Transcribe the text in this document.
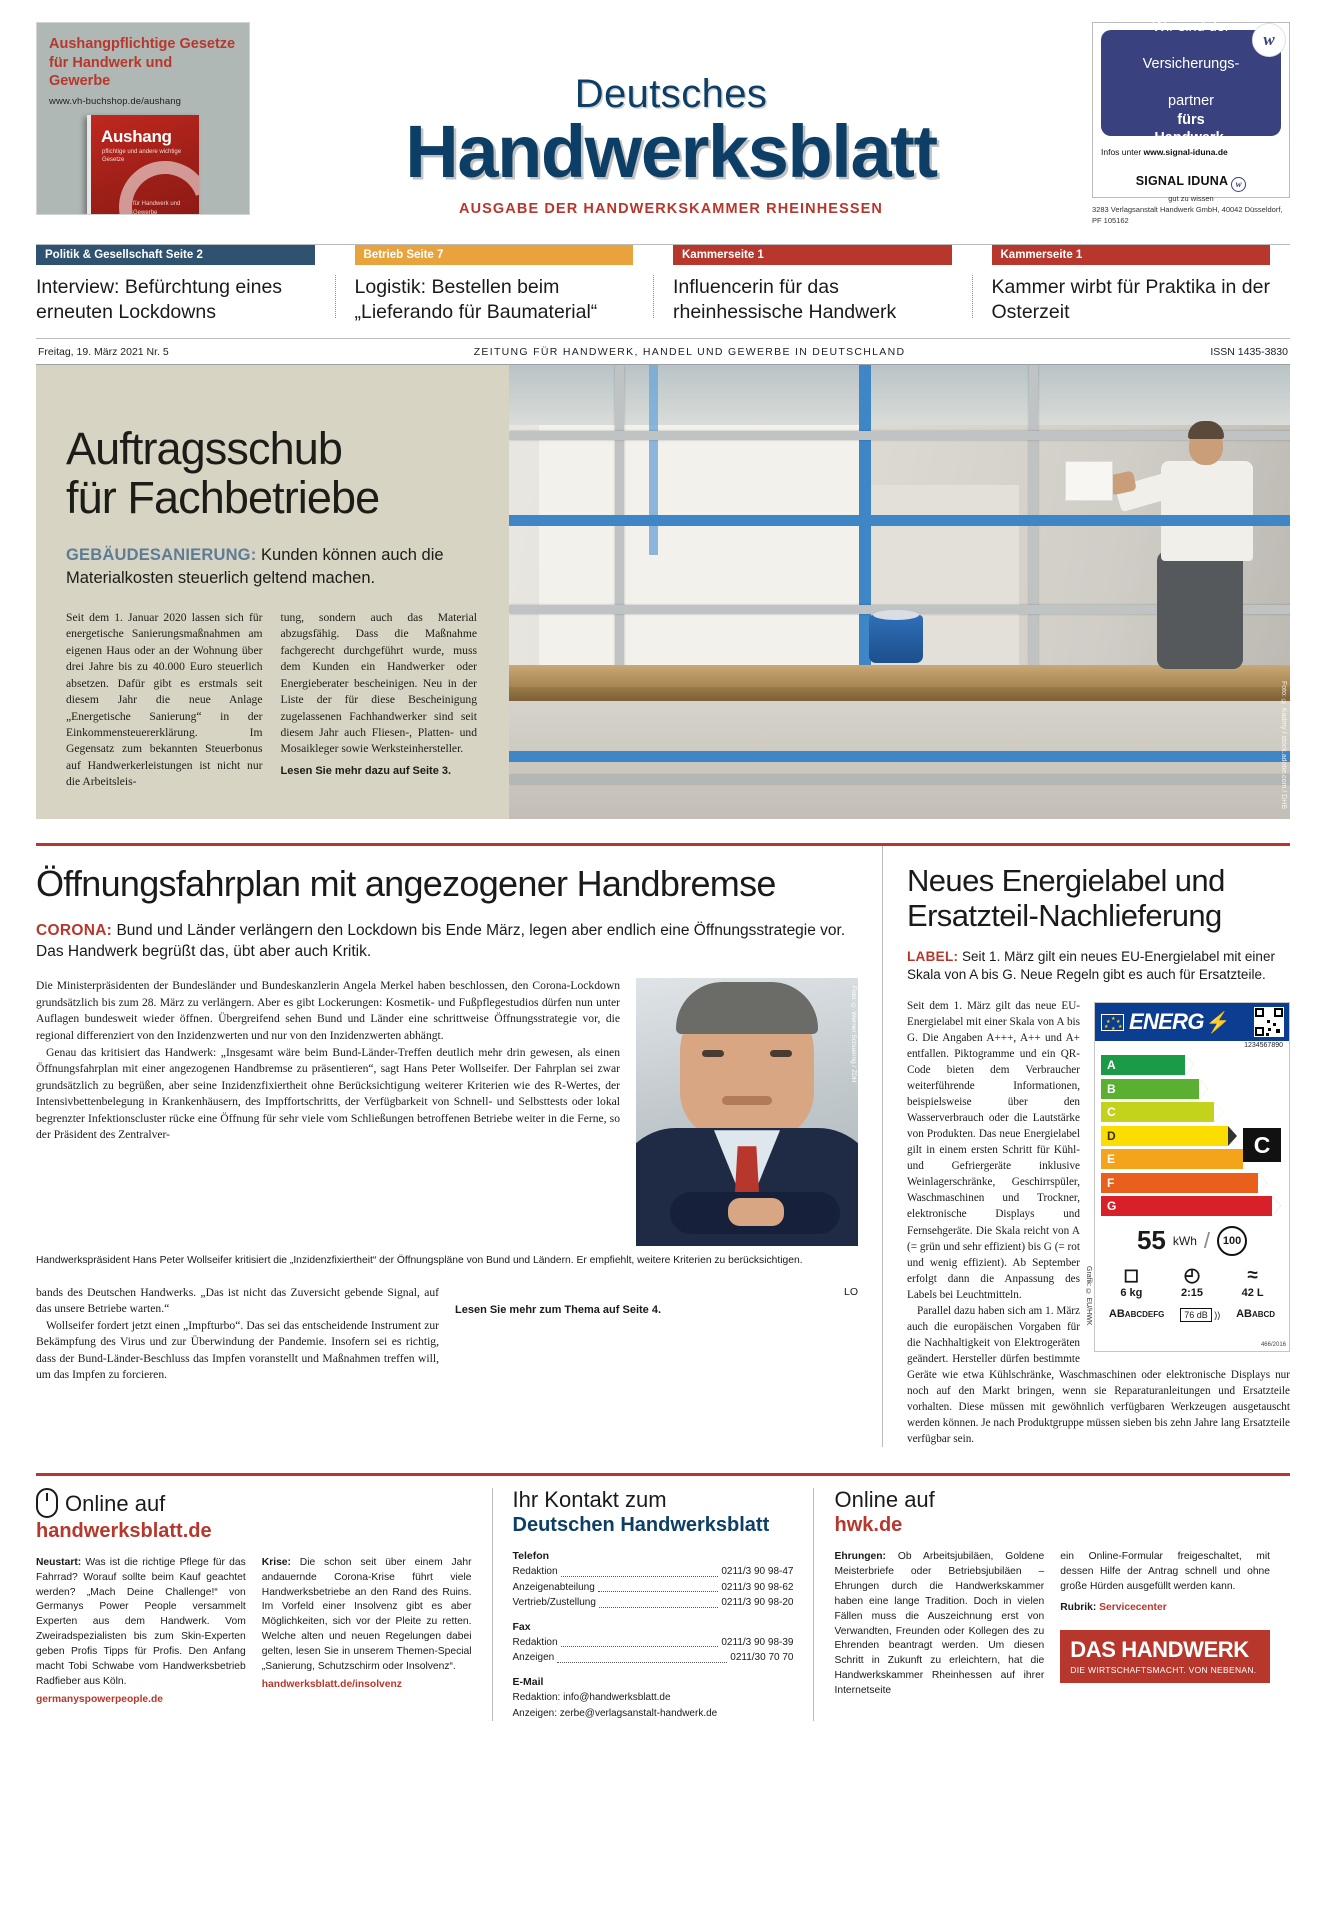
Aushangpflichtige Gesetze für Handwerk und Gewerbe
www.vh-buchshop.de/aushang
Aushang
pflichtige und andere wichtige Gesetze
für Handwerk und Gewerbe
Deutsches
Handwerksblatt
AUSGABE DER HANDWERKSKAMMER RHEINHESSEN
w
Wir sind der

Versicherungs-

partner
fürs
Handwerk.
Infos unter www.signal-iduna.de
SIGNAL IDUNA w
gut zu wissen
3283 Verlagsanstalt Handwerk GmbH, 40042 Düsseldorf, PF 105162
Politik & Gesellschaft Seite 2
Interview: Befürchtung eines erneuten Lockdowns
Betrieb Seite 7
Logistik: Bestellen beim „Lieferando für Baumaterial“
Kammerseite 1
Influencerin für das rheinhessische Handwerk
Kammerseite 1
Kammer wirbt für Praktika in der Osterzeit
Freitag, 19. März 2021 Nr. 5	ZEITUNG FÜR HANDWERK, HANDEL UND GEWERBE IN DEUTSCHLAND	ISSN 1435-3830
Auftragsschub
für Fachbetriebe
GEBÄUDESANIERUNG: Kunden können auch die Materialkosten steuerlich geltend machen.

Seit dem 1. Januar 2020 lassen sich für energetische Sanierungsmaßnahmen am eigenen Haus oder an der Wohnung über drei Jahre bis zu 40.000 Euro steuerlich absetzen. Dafür gibt es erstmals seit diesem Jahr die neue Anlage „Energetische Sanierung“ in der Einkommensteuererklärung. Im Gegensatz zum bekannten Steuerbonus auf Handwerkerleistungen ist nicht nur die Arbeitsleis-

tung, sondern auch das Material abzugsfähig. Dass die Maßnahme fachgerecht durchgeführt wurde, muss dem Kunden ein Handwerker oder Energieberater bescheinigen. Neu in der Liste der für diese Bescheinigung zugelassenen Fachhandwerker sind seit diesem Jahr auch Fliesen-, Platten- und Mosaikleger sowie Werksteinhersteller.

Lesen Sie mehr dazu auf Seite 3.	Foto: © Kadmy / stock.adobe.com / DHB
Öffnungsfahrplan mit angezogener Handbremse
CORONA: Bund und Länder verlängern den Lockdown bis Ende März, legen aber endlich eine Öffnungsstrategie vor. Das Handwerk begrüßt das, übt aber auch Kritik.

Die Ministerpräsidenten der Bundesländer und Bundeskanzlerin Angela Merkel haben beschlossen, den Corona-Lockdown grundsätzlich bis zum 28. März zu verlängern. Aber es gibt Lockerungen: Kosmetik- und Fußpflegestudios dürfen nun unter Auflagen bundesweit wieder öffnen. Übergreifend sehen Bund und Länder eine schrittweise Öffnungsstrategie vor, die regional differenziert von den Inzidenzwerten und nur von den Inzidenzwerten abhängt.

Genau das kritisiert das Handwerk: „Insgesamt wäre beim Bund-Länder-Treffen deutlich mehr drin gewesen, als einen Öffnungsfahrplan mit einer angezogenen Handbremse zu präsentieren“, sagt Hans Peter Wollseifer. Der Fahrplan sei zwar grundsätzlich zu begrüßen, aber seine Inzidenzfixiertheit ohne Berücksichtigung weiterer Kriterien wie des R-Wertes, der Intensivbettenbelegung in Krankenhäusern, des Impffortschritts, der Verfügbarkeit von Schnell- und Selbsttests oder lokal begrenzter Infektionscluster rücke eine Öffnung für sehr viele vom Schließungen betroffenen Betriebe weiter in die Ferne, so der Präsident des Zentralver-

Foto: © Werner Schuering / ZDH
Handwerkspräsident Hans Peter Wollseifer kritisiert die „Inzidenzfixiertheit“ der Öffnungspläne von Bund und Ländern. Er empfiehlt, weitere Kriterien zu berücksichtigen.

bands des Deutschen Handwerks. „Das ist nicht das Zuversicht gebende Signal, auf das unsere Betriebe warten.“

Wollseifer fordert jetzt einen „Impfturbo“. Das sei das entscheidende Instrument zur Bekämpfung des Virus und zur Überwindung der Pandemie. Insofern sei es richtig, dass der Bund-Länder-Beschluss das Impfen voranstellt und Maßnahmen treffen will, um das Impfen zu forcieren.

LO

Lesen Sie mehr zum Thema auf Seite 4.
Neues Energielabel und Ersatzteil-Nachlieferung
LABEL: Seit 1. März gilt ein neues EU-Energielabel mit einer Skala von A bis G. Neue Regeln gibt es auch für Ersatzteile.
★
★ ★
★ ★
★ ENERG ⚡
1234567890
A
B
C
D
E
F
G
C
55 kWh /	100
◻
6 kg
◴
2:15
≈
42 L
ABABCDEFG	76 dB )) ABABCD
Grafik: © EU/HWK
466/2016

Seit dem 1. März gilt das neue EU-Energielabel mit einer Skala von A bis G. Die Angaben A+++, A++ und A+ entfallen. Piktogramme und ein QR-Code bieten dem Verbraucher weiterführende Informationen, beispielsweise über den Wasserverbrauch oder die Lautstärke von Produkten. Das neue Energielabel gilt in einem ersten Schritt für Kühl- und Gefriergeräte inklusive Weinlagerschränke, Geschirrspüler, Waschmaschinen und Trockner, elektronische Displays und Fernsehgeräte. Die Skala reicht von A (= grün und sehr effizient) bis G (= rot und wenig effizient). Ab September erfolgt dann die Anpassung des Labels bei Leuchtmitteln.

Parallel dazu haben sich am 1. März auch die europäischen Vorgaben für die Nachhaltigkeit von Elektrogeräten geändert. Hersteller dürfen bestimmte Geräte wie etwa Kühlschränke, Waschmaschinen oder elektronische Displays nur noch auf den Markt bringen, wenn sie Reparaturanleitungen und Ersatzteile vorhalten. Diese müssen mit gewöhnlich verfügbaren Werkzeugen ausgetauscht werden können. Je nach Produktgruppe müssen sieben bis zehn Jahre lang Ersatzteile verfügbar sein.

Online auf
handwerksblatt.de
Neustart: Was ist die richtige Pflege für das Fahrrad? Worauf sollte beim Kauf geachtet werden? „Mach Deine Challenge!“ von Germanys Power People versammelt Experten aus dem Handwerk. Vom Zweiradspezialisten bis zum Skin-Experten geben Profis Tipps für Profis. Den Anfang macht Tobi Schwabe vom Handwerksbetrieb Radfieber aus Köln.
germanyspowerpeople.de
Krise: Die schon seit über einem Jahr andauernde Corona-Krise führt viele Handwerksbetriebe an den Rand des Ruins. Im Vorfeld einer Insolvenz gibt es aber Möglichkeiten, sich vor der Pleite zu retten. Welche alten und neuen Regelungen dabei gelten, lesen Sie in unserem Themen-Special „Sanierung, Schutzschirm oder Insolvenz“.
handwerksblatt.de/insolvenz
Ihr Kontakt zum
Deutschen Handwerksblatt
Telefon
Redaktion	0211/3 90 98-47
Anzeigenabteilung	0211/3 90 98-62
Vertrieb/Zustellung	0211/3 90 98-20
Fax
Redaktion	0211/3 90 98-39
Anzeigen	0211/30 70 70
E-Mail
Redaktion: info@handwerksblatt.de
Anzeigen: zerbe@verlagsanstalt-handwerk.de
Online auf
hwk.de
Ehrungen: Ob Arbeitsjubiläen, Goldene Meisterbriefe oder Betriebsjubiläen – Ehrungen durch die Handwerkskammer haben eine lange Tradition. Doch in vielen Fällen muss die Auszeichnung erst von Verwandten, Freunden oder Kollegen des zu Ehrenden beantragt werden. Um diesen Schritt in Zukunft zu erleichtern, hat die Handwerkskammer Rheinhessen auf ihrer Internetseite
ein Online-Formular freigeschaltet, mit dessen Hilfe der Antrag schnell und ohne große Hürden ausgefüllt werden kann.
Rubrik: Servicecenter
DAS HANDWERK
DIE WIRTSCHAFTSMACHT. VON NEBENAN.
